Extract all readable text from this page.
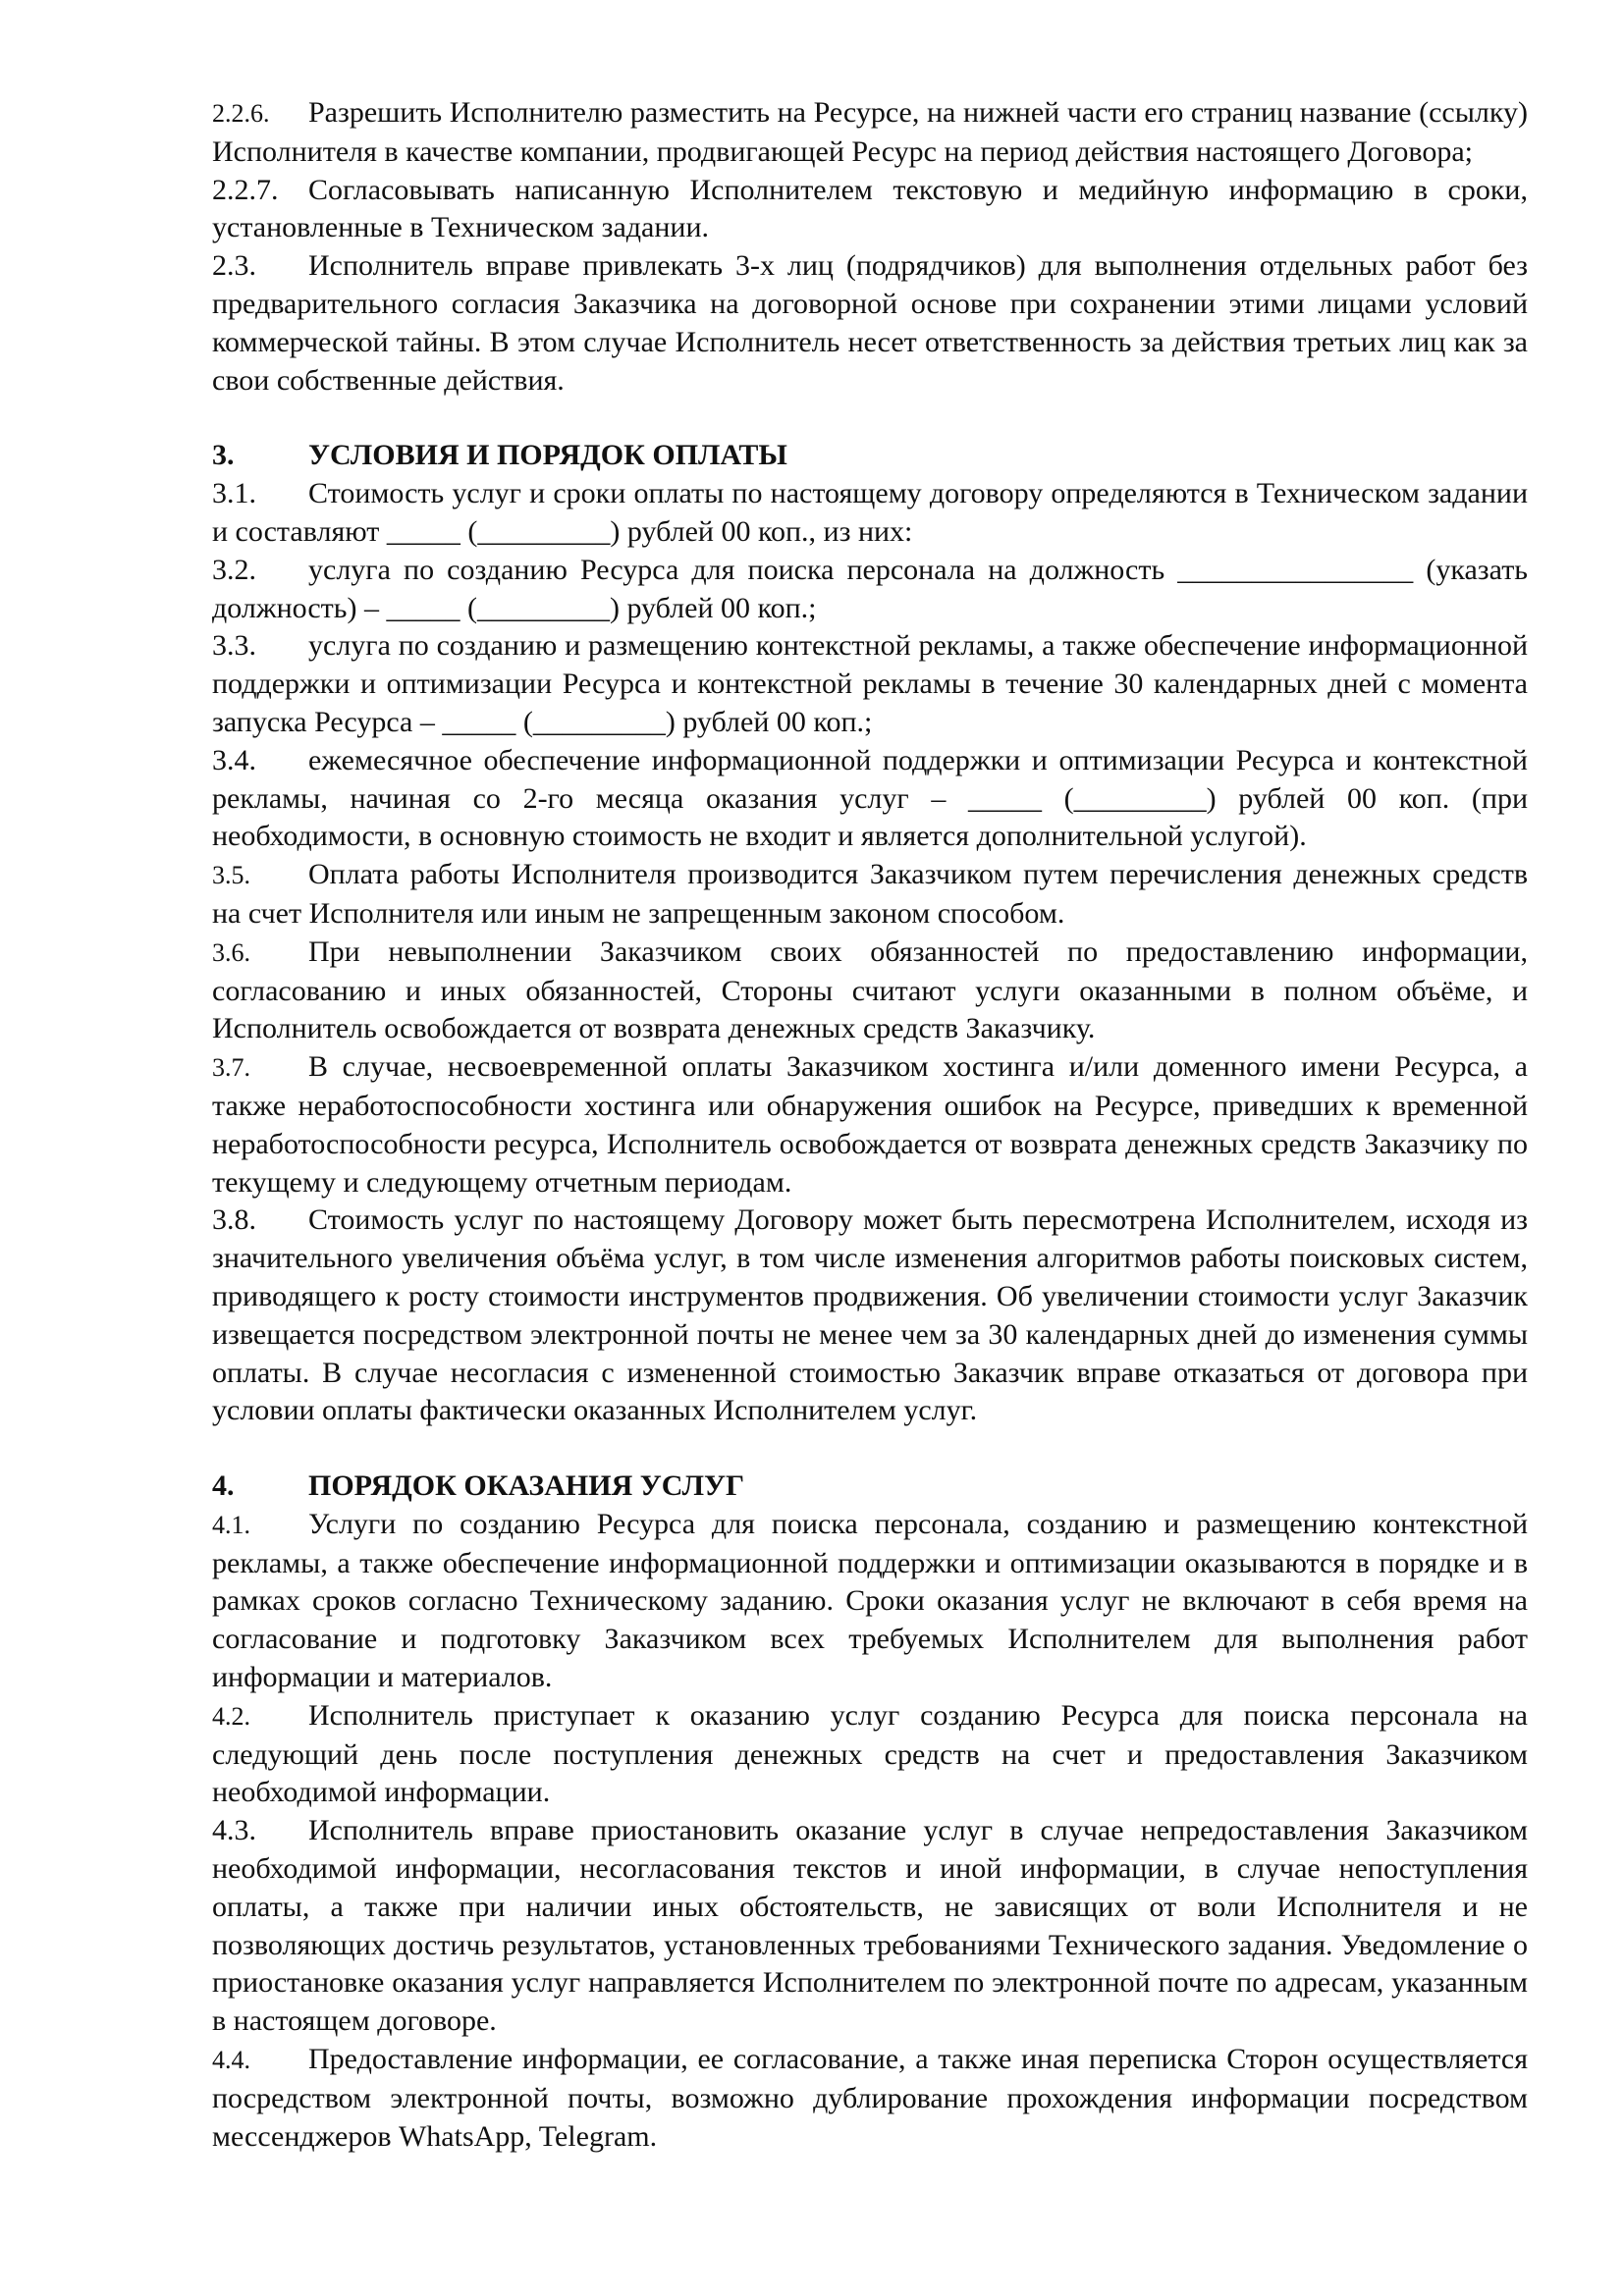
2.2.6. Разрешить Исполнителю разместить на Ресурсе, на нижней части его страниц название (ссылку) Исполнителя в качестве компании, продвигающей Ресурс на период действия настоящего Договора;

2.2.7. Согласовывать написанную Исполнителем текстовую и медийную информацию в сроки, установленные в Техническом задании.

2.3. Исполнитель вправе привлекать 3-х лиц (подрядчиков) для выполнения отдельных работ без предварительного согласия Заказчика на договорной основе при сохранении этими лицами условий коммерческой тайны. В этом случае Исполнитель несет ответственность за действия третьих лиц как за свои собственные действия.

3.	УСЛОВИЯ И ПОРЯДОК ОПЛАТЫ

3.1. Стоимость услуг и сроки оплаты по настоящему договору определяются в Техническом задании и составляют _____ (_________) рублей 00 коп., из них:

3.2. услуга по созданию Ресурса для поиска персонала на должность ________________ (указать должность) – _____ (_________) рублей 00 коп.;

3.3. услуга по созданию и размещению контекстной рекламы, а также обеспечение информационной поддержки и оптимизации Ресурса и контекстной рекламы в течение 30 календарных дней с момента запуска Ресурса – _____ (_________) рублей 00 коп.;

3.4. ежемесячное обеспечение информационной поддержки и оптимизации Ресурса и контекстной рекламы, начиная со 2-го месяца оказания услуг – _____ (_________) рублей 00 коп. (при необходимости, в основную стоимость не входит и является дополнительной услугой).

3.5. Оплата работы Исполнителя производится Заказчиком путем перечисления денежных средств на счет Исполнителя или иным не запрещенным законом способом.

3.6. При невыполнении Заказчиком своих обязанностей по предоставлению информации, согласованию и иных обязанностей, Стороны считают услуги оказанными в полном объёме, и Исполнитель освобождается от возврата денежных средств Заказчику.

3.7. В случае, несвоевременной оплаты Заказчиком хостинга и/или доменного имени Ресурса, а также неработоспособности хостинга или обнаружения ошибок на Ресурсе, приведших к временной неработоспособности ресурса, Исполнитель освобождается от возврата денежных средств Заказчику по текущему и следующему отчетным периодам.

3.8. Стоимость услуг по настоящему Договору может быть пересмотрена Исполнителем, исходя из значительного увеличения объёма услуг, в том числе изменения алгоритмов работы поисковых систем, приводящего к росту стоимости инструментов продвижения. Об увеличении стоимости услуг Заказчик извещается посредством электронной почты не менее чем за 30 календарных дней до изменения суммы оплаты. В случае несогласия с измененной стоимостью Заказчик вправе отказаться от договора при условии оплаты фактически оказанных Исполнителем услуг.

4.	ПОРЯДОК ОКАЗАНИЯ УСЛУГ

4.1. Услуги по созданию Ресурса для поиска персонала, созданию и размещению контекстной рекламы, а также обеспечение информационной поддержки и оптимизации оказываются в порядке и в рамках сроков согласно Техническому заданию. Сроки оказания услуг не включают в себя время на согласование и подготовку Заказчиком всех требуемых Исполнителем для выполнения работ информации и материалов.

4.2. Исполнитель приступает к оказанию услуг созданию Ресурса для поиска персонала на следующий день после поступления денежных средств на счет и предоставления Заказчиком необходимой информации.

4.3. Исполнитель вправе приостановить оказание услуг в случае непредоставления Заказчиком необходимой информации, несогласования текстов и иной информации, в случае непоступления оплаты, а также при наличии иных обстоятельств, не зависящих от воли Исполнителя и не позволяющих достичь результатов, установленных требованиями Технического задания. Уведомление о приостановке оказания услуг направляется Исполнителем по электронной почте по адресам, указанным в настоящем договоре.

4.4. Предоставление информации, ее согласование, а также иная переписка Сторон осуществляется посредством электронной почты, возможно дублирование прохождения информации посредством мессенджеров WhatsApp, Telegram.
